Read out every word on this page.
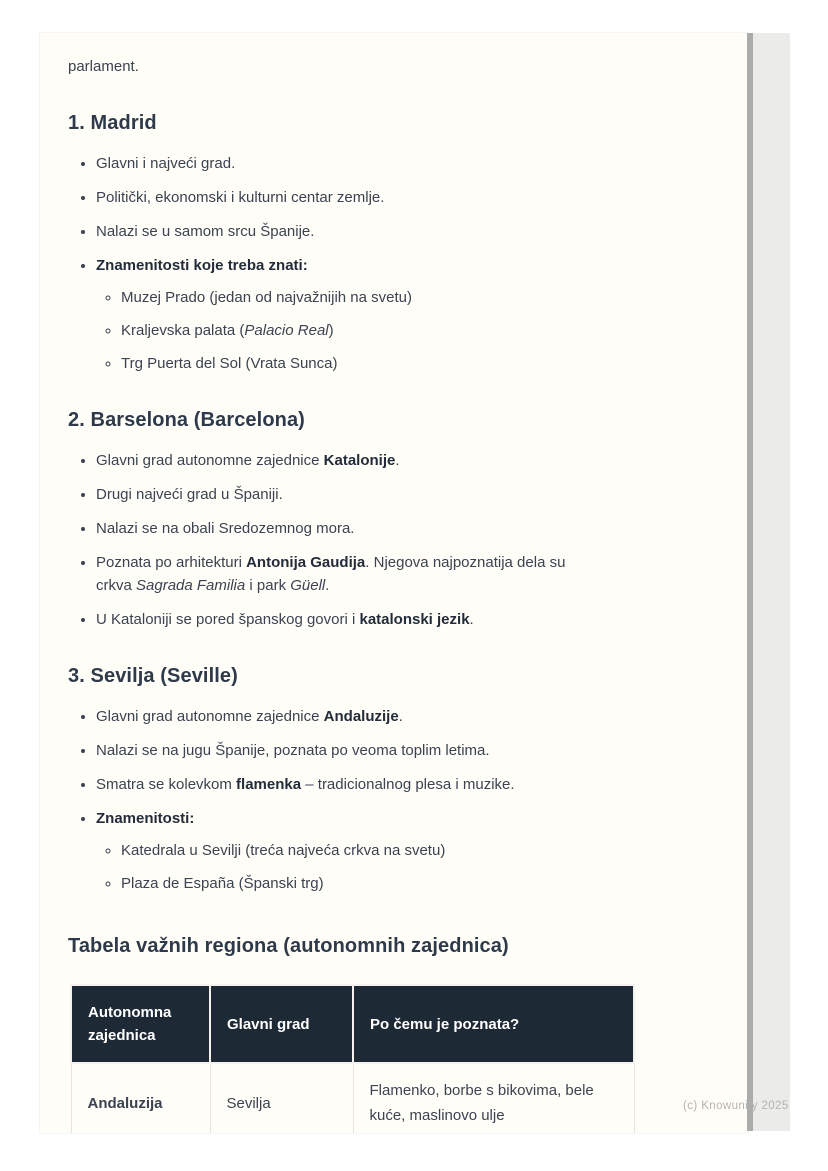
parlament.

1. Madrid
• Glavni i najveći grad.
• Politički, ekonomski i kulturni centar zemlje.
• Nalazi se u samom srcu Španije.
• Znamenitosti koje treba znati:
◦ Muzej Prado (jedan od najvažnijih na svetu)
◦ Kraljevska palata (Palacio Real)
◦ Trg Puerta del Sol (Vrata Sunca)
2. Barselona (Barcelona)
• Glavni grad autonomne zajednice Katalonije.
• Drugi najveći grad u Španiji.
• Nalazi se na obali Sredozemnog mora.
• Poznata po arhitekturi Antonija Gaudija. Njegova najpoznatija dela su crkva Sagrada Familia i park Güell.
• U Kataloniji se pored španskog govori i katalonski jezik.
3. Sevilja (Seville)
• Glavni grad autonomne zajednice Andaluzije.
• Nalazi se na jugu Španije, poznata po veoma toplim letima.
• Smatra se kolevkom flamenka – tradicionalnog plesa i muzike.
• Znamenitosti:
◦ Katedrala u Sevilji (treća najveća crkva na svetu)
◦ Plaza de España (Španski trg)
Tabela važnih regiona (autonomnih zajednica)
Autonomna zajednica	Glavni grad	Po čemu je poznata?
Andaluzija	Sevilja	Flamenko, borbe s bikovima, bele kuće, maslinovo ulje

(c) Knowunity 2025
